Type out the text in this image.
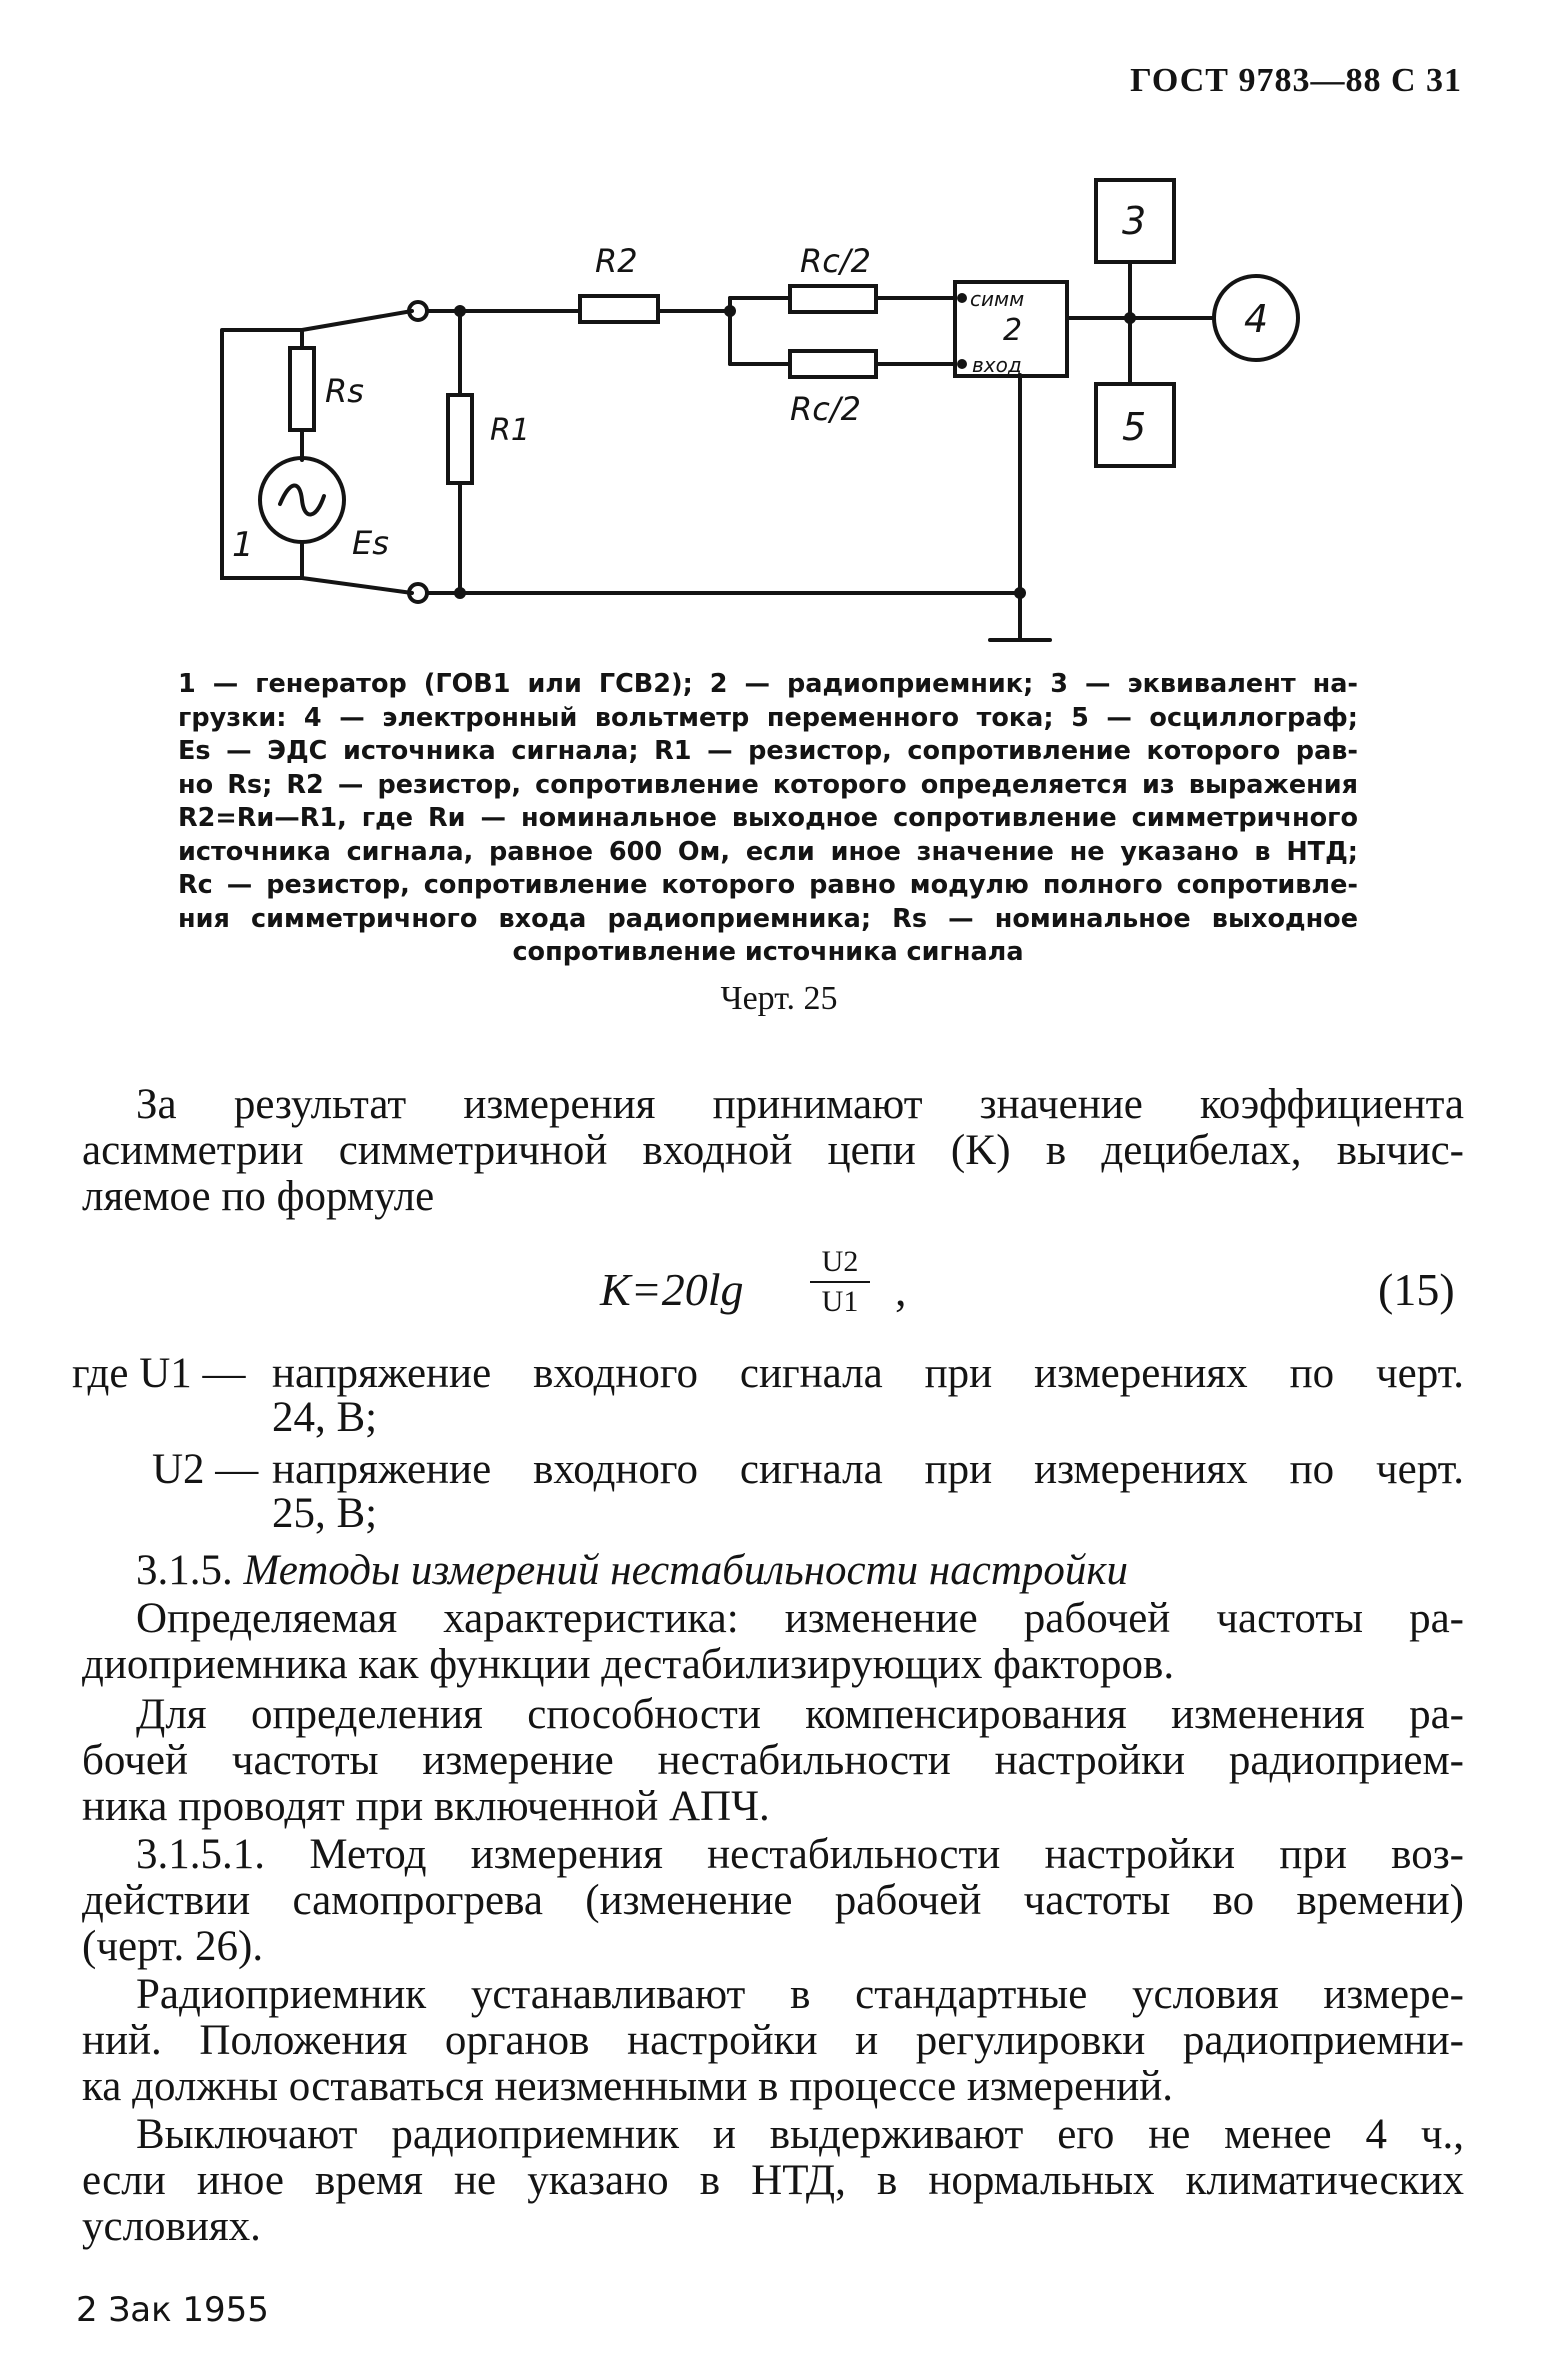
ГОСТ 9783—88 С 31
R2	Rc/2
Rc/2
R1
Rs
Es
1
симм
2
вход
3
4
5
1 — генератор (ГОВ1 или ГСВ2); 2 — радиоприемник; 3 — эквивалент на-
грузки: 4 — электронный вольтметр переменного тока; 5 — осциллограф;
Es — ЭДС источника сигнала; R1 — резистор, сопротивление которого рав-
но Rs; R2 — резистор, сопротивление которого определяется из выражения
R2=Rи—R1, где Rи — номинальное выходное сопротивление симметричного
источника сигнала, равное 600 Ом, если иное значение не указано в НТД;
Rc — резистор, сопротивление которого равно модулю полного сопротивле-
ния симметричного входа радиоприемника; Rs — номинальное выходное
сопротивление источника сигнала
Черт. 25
За результат измерения принимают значение коэффициента
асимметрии симметричной входной цепи (K) в децибелах, вычис-
ляемое по формуле
$K=20\lg \frac{U2}{U1}$ ,	(15)
где U1 — напряжение входного сигнала при измерениях по черт.
24, В;
U2 — напряжение входного сигнала при измерениях по черт.
25, В;
3.1.5. Методы измерений нестабильности настройки
Определяемая характеристика: изменение рабочей частоты ра-
диоприемника как функции дестабилизирующих факторов.
Для определения способности компенсирования изменения ра-
бочей частоты измерение нестабильности настройки радиоприем-
ника проводят при включенной АПЧ.
3.1.5.1. Метод измерения нестабильности настройки при воз-
действии самопрогрева (изменение рабочей частоты во времени)
(черт. 26).
Радиоприемник устанавливают в стандартные условия измере-
ний. Положения органов настройки и регулировки радиоприемни-
ка должны оставаться неизменными в процессе измерений.
Выключают радиоприемник и выдерживают его не менее 4 ч.,
если иное время не указано в НТД, в нормальных климатических
условиях.
2 Зак 1955
